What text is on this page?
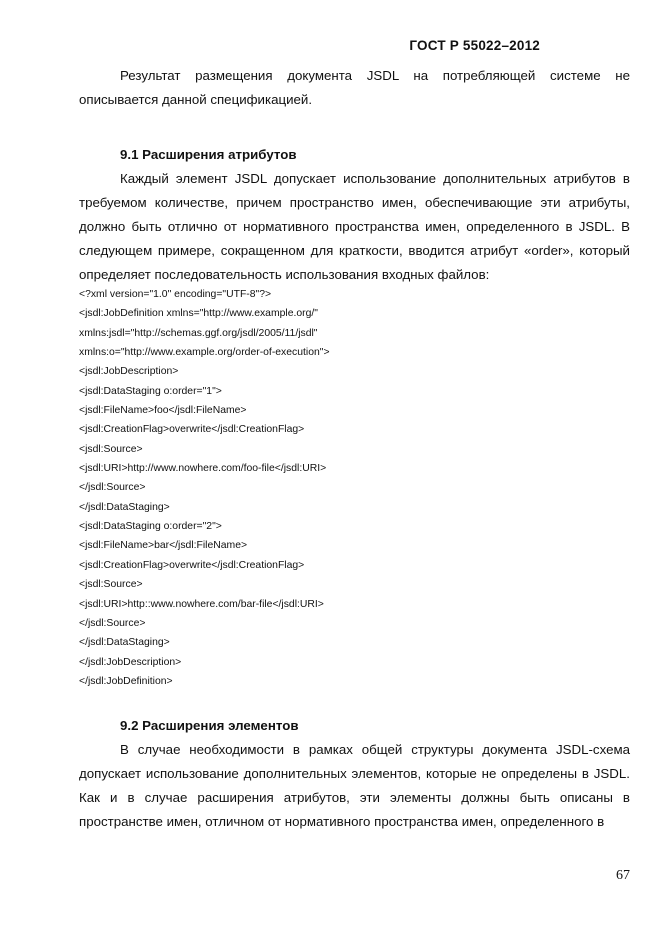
ГОСТ Р 55022–2012

Результат размещения документа JSDL на потребляющей системе не описывается данной спецификацией.

9.1 Расширения атрибутов

Каждый элемент JSDL допускает использование дополнительных атрибутов в требуемом количестве, причем пространство имен, обеспечивающие эти атрибуты, должно быть отлично от нормативного пространства имен, определенного в JSDL. В следующем примере, сокращенном для краткости, вводится атрибут «order», который определяет последовательность использования входных файлов:

<?xml version="1.0" encoding="UTF-8"?>
<jsdl:JobDefinition xmlns="http://www.example.org/"
xmlns:jsdl="http://schemas.ggf.org/jsdl/2005/11/jsdl"
xmlns:o="http://www.example.org/order-of-execution">
<jsdl:JobDescription>
<jsdl:DataStaging o:order="1">
<jsdl:FileName>foo</jsdl:FileName>
<jsdl:CreationFlag>overwrite</jsdl:CreationFlag>
<jsdl:Source>
<jsdl:URI>http://www.nowhere.com/foo-file</jsdl:URI>
</jsdl:Source>
</jsdl:DataStaging>
<jsdl:DataStaging o:order="2">
<jsdl:FileName>bar</jsdl:FileName>
<jsdl:CreationFlag>overwrite</jsdl:CreationFlag>
<jsdl:Source>
<jsdl:URI>http::www.nowhere.com/bar-file</jsdl:URI>
</jsdl:Source>
</jsdl:DataStaging>
</jsdl:JobDescription>
</jsdl:JobDefinition>
9.2 Расширения элементов

В случае необходимости в рамках общей структуры документа JSDL-схема допускает использование дополнительных элементов, которые не определены в JSDL. Как и в случае расширения атрибутов, эти элементы должны быть описаны в пространстве имен, отличном от нормативного пространства имен, определенного в

67
